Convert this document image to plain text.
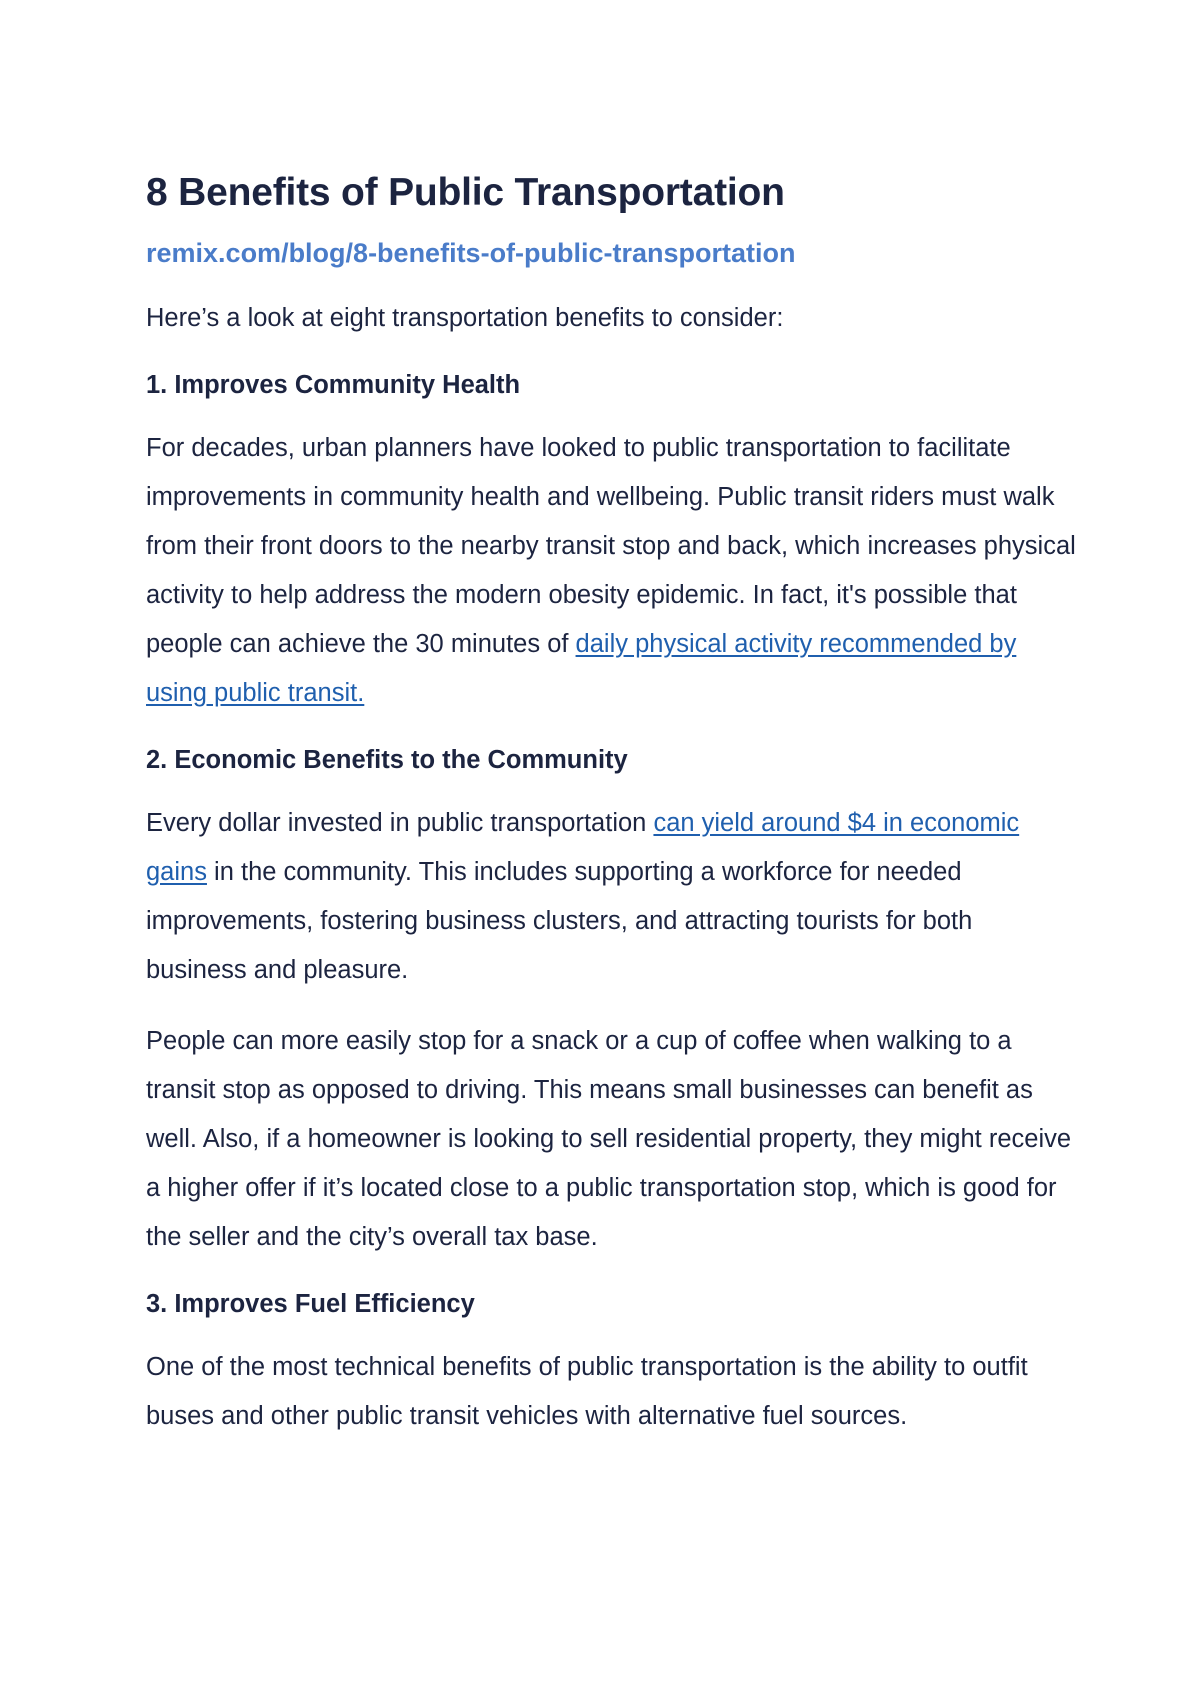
8 Benefits of Public Transportation
remix.com/blog/8-benefits-of-public-transportation

Here’s a look at eight transportation benefits to consider:

1. Improves Community Health

For decades, urban planners have looked to public transportation to facilitate improvements in community health and wellbeing. Public transit riders must walk from their front doors to the nearby transit stop and back, which increases physical activity to help address the modern obesity epidemic. In fact, it's possible that people can achieve the 30 minutes of daily physical activity recommended by using public transit.

2. Economic Benefits to the Community

Every dollar invested in public transportation can yield around $4 in economic gains in the community. This includes supporting a workforce for needed improvements, fostering business clusters, and attracting tourists for both business and pleasure.

People can more easily stop for a snack or a cup of coffee when walking to a transit stop as opposed to driving. This means small businesses can benefit as well. Also, if a homeowner is looking to sell residential property, they might receive a higher offer if it’s located close to a public transportation stop, which is good for the seller and the city’s overall tax base.

3. Improves Fuel Efficiency

One of the most technical benefits of public transportation is the ability to outfit buses and other public transit vehicles with alternative fuel sources.
